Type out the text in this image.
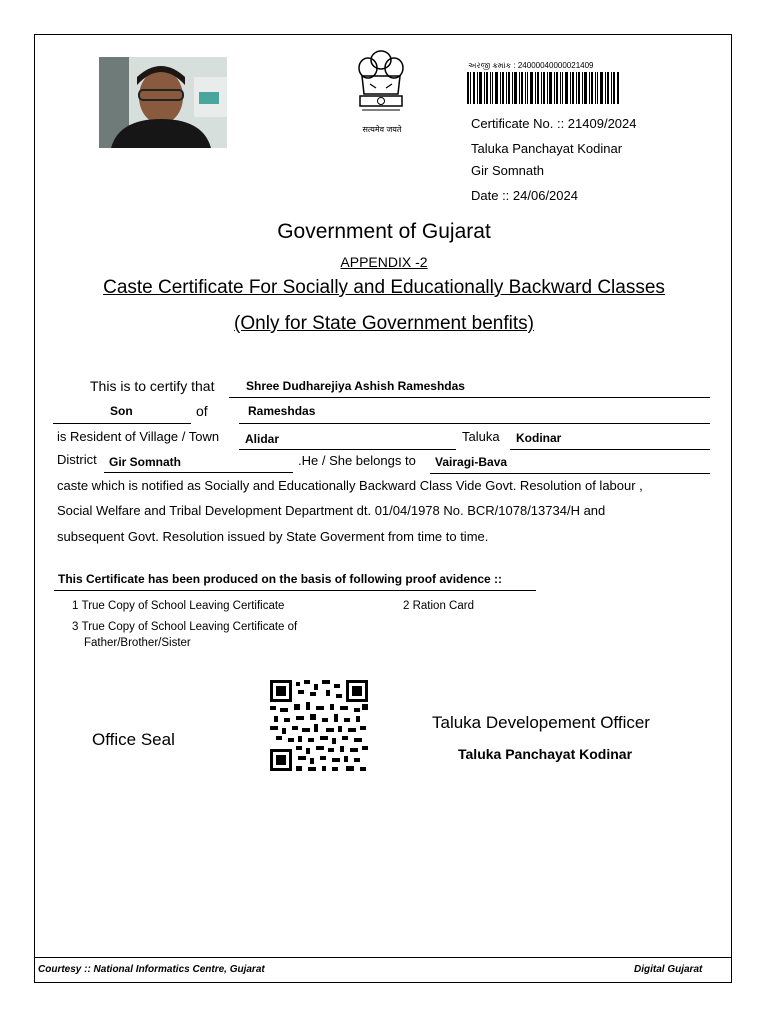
सत्यमेव जयते
અરજી ક્રમાંક : 24000040000021409
Certificate No. :: 21409/2024
Taluka Panchayat Kodinar
Gir Somnath
Date :: 24/06/2024
Government of Gujarat
APPENDIX -2
Caste Certificate For Socially and Educationally Backward Classes
(Only for State Government benfits)
This is to certify that	Shree Dudharejiya Ashish Rameshdas
Son	of	Rameshdas
is Resident of Village / Town Alidar	Taluka Kodinar
District Gir Somnath	.He / She belongs to Vairagi-Bava
caste which is notified as Socially and Educationally Backward Class Vide Govt. Resolution of labour ,
Social Welfare and Tribal Development Department dt. 01/04/1978 No. BCR/1078/13734/H and
subsequent Govt. Resolution issued by State Goverment from time to time.
This Certificate has been produced on the basis of following proof avidence ::
1 True Copy of School Leaving Certificate	2 Ration Card
3 True Copy of School Leaving Certificate of
Father/Brother/Sister
Office Seal
Taluka Developement Officer
Taluka Panchayat Kodinar
Courtesy :: National Informatics Centre, Gujarat	Digital Gujarat
